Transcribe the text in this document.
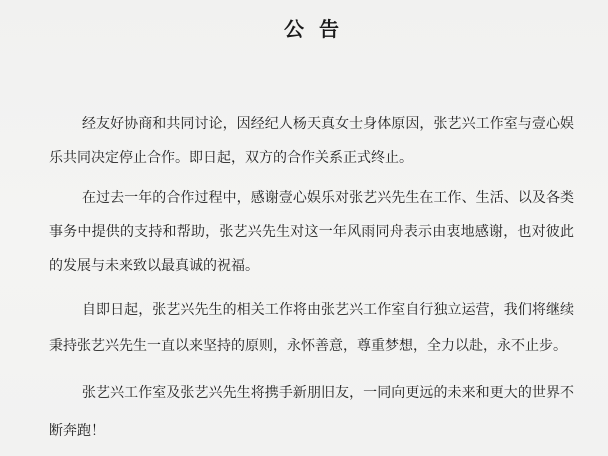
公 告
经友好协商和共同讨论，因经纪人杨天真女士身体原因，张艺兴工作室与壹心娱
乐共同决定停止合作。即日起，双方的合作关系正式终止。
在过去一年的合作过程中，感谢壹心娱乐对张艺兴先生在工作、生活、以及各类
事务中提供的支持和帮助，张艺兴先生对这一年风雨同舟表示由衷地感谢，也对彼此
的发展与未来致以最真诚的祝福。
自即日起，张艺兴先生的相关工作将由张艺兴工作室自行独立运营，我们将继续
秉持张艺兴先生一直以来坚持的原则，永怀善意，尊重梦想，全力以赴，永不止步。
张艺兴工作室及张艺兴先生将携手新朋旧友，一同向更远的未来和更大的世界不
断奔跑！
